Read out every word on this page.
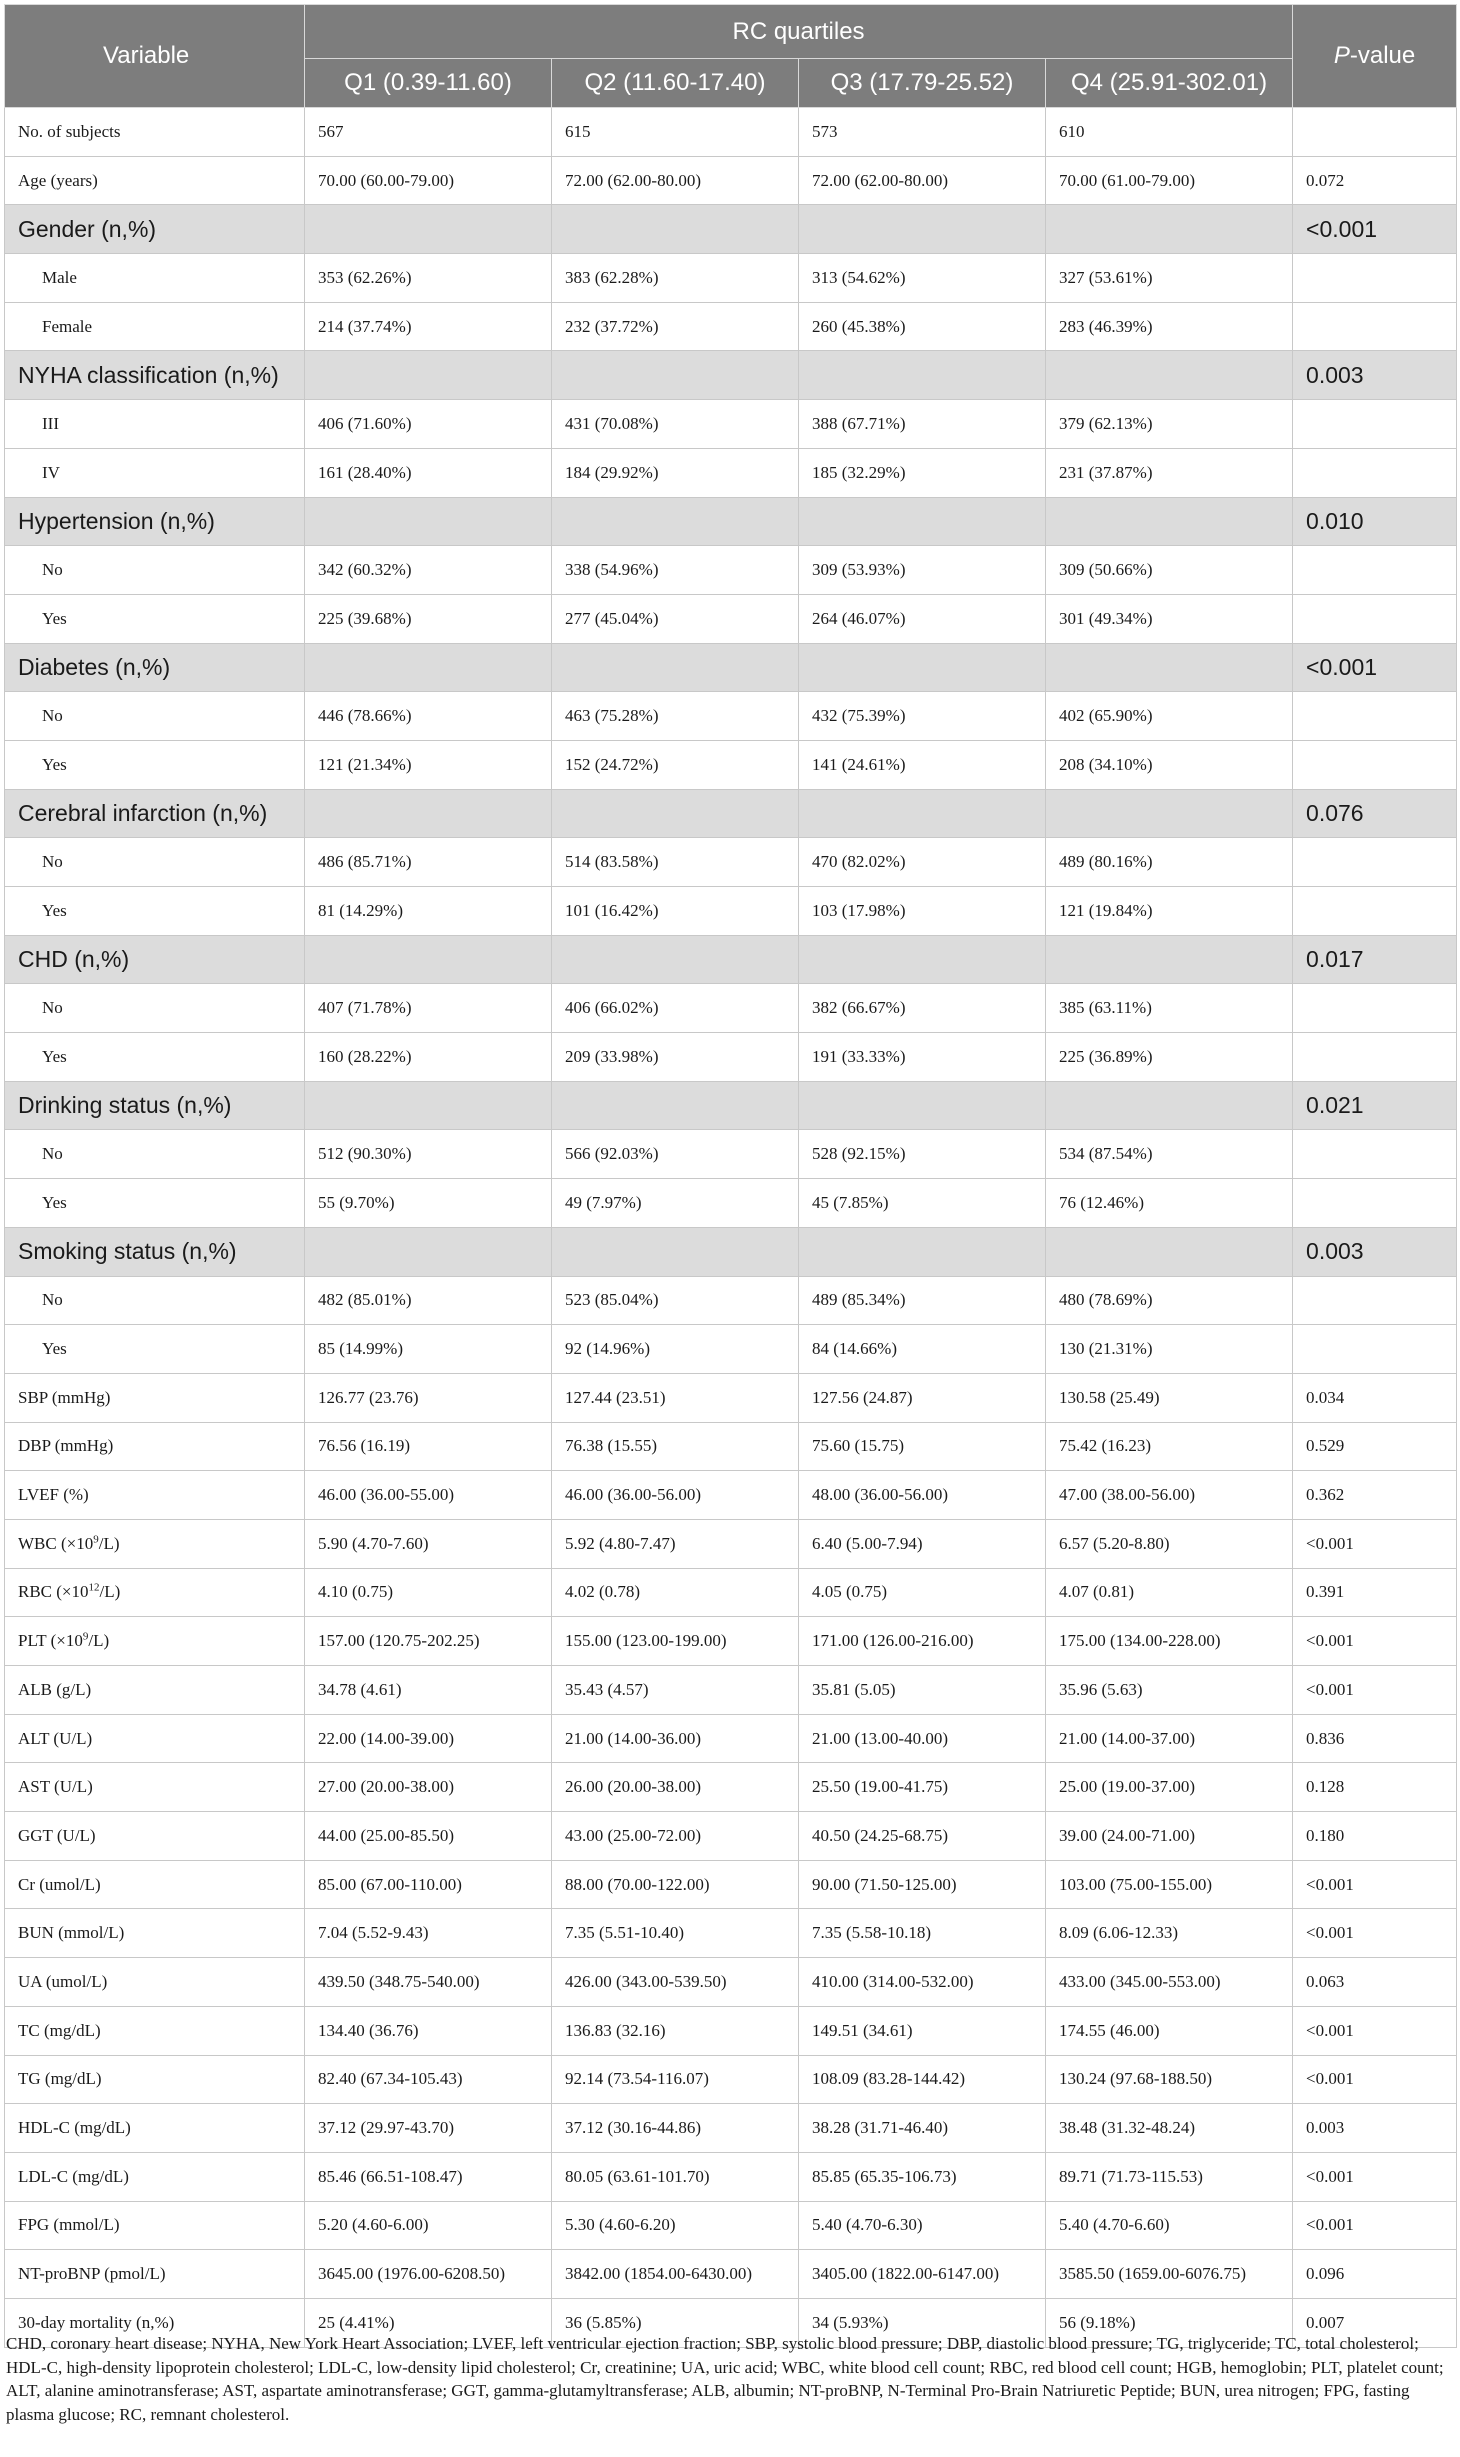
Variable	RC quartiles				P-value
	Q1 (0.39-11.60)	Q2 (11.60-17.40)	Q3 (17.79-25.52)	Q4 (25.91-302.01)	
No. of subjects	567	615	573	610	
Age (years)	70.00 (60.00-79.00)	72.00 (62.00-80.00)	72.00 (62.00-80.00)	70.00 (61.00-79.00)	0.072
Gender (n,%)					<0.001
Male	353 (62.26%)	383 (62.28%)	313 (54.62%)	327 (53.61%)	
Female	214 (37.74%)	232 (37.72%)	260 (45.38%)	283 (46.39%)	
NYHA classification (n,%)					0.003
III	406 (71.60%)	431 (70.08%)	388 (67.71%)	379 (62.13%)	
IV	161 (28.40%)	184 (29.92%)	185 (32.29%)	231 (37.87%)	
Hypertension (n,%)					0.010
No	342 (60.32%)	338 (54.96%)	309 (53.93%)	309 (50.66%)	
Yes	225 (39.68%)	277 (45.04%)	264 (46.07%)	301 (49.34%)	
Diabetes (n,%)					<0.001
No	446 (78.66%)	463 (75.28%)	432 (75.39%)	402 (65.90%)	
Yes	121 (21.34%)	152 (24.72%)	141 (24.61%)	208 (34.10%)	
Cerebral infarction (n,%)					0.076
No	486 (85.71%)	514 (83.58%)	470 (82.02%)	489 (80.16%)	
Yes	81 (14.29%)	101 (16.42%)	103 (17.98%)	121 (19.84%)	
CHD (n,%)					0.017
No	407 (71.78%)	406 (66.02%)	382 (66.67%)	385 (63.11%)	
Yes	160 (28.22%)	209 (33.98%)	191 (33.33%)	225 (36.89%)	
Drinking status (n,%)					0.021
No	512 (90.30%)	566 (92.03%)	528 (92.15%)	534 (87.54%)	
Yes	55 (9.70%)	49 (7.97%)	45 (7.85%)	76 (12.46%)	
Smoking status (n,%)					0.003
No	482 (85.01%)	523 (85.04%)	489 (85.34%)	480 (78.69%)	
Yes	85 (14.99%)	92 (14.96%)	84 (14.66%)	130 (21.31%)	
SBP (mmHg)	126.77 (23.76)	127.44 (23.51)	127.56 (24.87)	130.58 (25.49)	0.034
DBP (mmHg)	76.56 (16.19)	76.38 (15.55)	75.60 (15.75)	75.42 (16.23)	0.529
LVEF (%)	46.00 (36.00-55.00)	46.00 (36.00-56.00)	48.00 (36.00-56.00)	47.00 (38.00-56.00)	0.362
WBC $(\times 10^9/L)$	5.90 (4.70-7.60)	5.92 (4.80-7.47)	6.40 (5.00-7.94)	6.57 (5.20-8.80)	<0.001
RBC $(\times 10^{12}/L)$	4.10 (0.75)	4.02 (0.78)	4.05 (0.75)	4.07 (0.81)	0.391
PLT $(\times 10^9/L)$	157.00 (120.75-202.25)	155.00 (123.00-199.00)	171.00 (126.00-216.00)	175.00 (134.00-228.00)	<0.001
ALB (g/L)	34.78 (4.61)	35.43 (4.57)	35.81 (5.05)	35.96 (5.63)	<0.001
ALT (U/L)	22.00 (14.00-39.00)	21.00 (14.00-36.00)	21.00 (13.00-40.00)	21.00 (14.00-37.00)	0.836
AST (U/L)	27.00 (20.00-38.00)	26.00 (20.00-38.00)	25.50 (19.00-41.75)	25.00 (19.00-37.00)	0.128
GGT (U/L)	44.00 (25.00-85.50)	43.00 (25.00-72.00)	40.50 (24.25-68.75)	39.00 (24.00-71.00)	0.180
Cr (umol/L)	85.00 (67.00-110.00)	88.00 (70.00-122.00)	90.00 (71.50-125.00)	103.00 (75.00-155.00)	<0.001
BUN (mmol/L)	7.04 (5.52-9.43)	7.35 (5.51-10.40)	7.35 (5.58-10.18)	8.09 (6.06-12.33)	<0.001
UA (umol/L)	439.50 (348.75-540.00)	426.00 (343.00-539.50)	410.00 (314.00-532.00)	433.00 (345.00-553.00)	0.063
TC (mg/dL)	134.40 (36.76)	136.83 (32.16)	149.51 (34.61)	174.55 (46.00)	<0.001
TG (mg/dL)	82.40 (67.34-105.43)	92.14 (73.54-116.07)	108.09 (83.28-144.42)	130.24 (97.68-188.50)	<0.001
HDL-C (mg/dL)	37.12 (29.97-43.70)	37.12 (30.16-44.86)	38.28 (31.71-46.40)	38.48 (31.32-48.24)	0.003
LDL-C (mg/dL)	85.46 (66.51-108.47)	80.05 (63.61-101.70)	85.85 (65.35-106.73)	89.71 (71.73-115.53)	<0.001
FPG (mmol/L)	5.20 (4.60-6.00)	5.30 (4.60-6.20)	5.40 (4.70-6.30)	5.40 (4.70-6.60)	<0.001
NT-proBNP (pmol/L)	3645.00 (1976.00-6208.50)	3842.00 (1854.00-6430.00)	3405.00 (1822.00-6147.00)	3585.50 (1659.00-6076.75)	0.096
30-day mortality (n,%)	25 (4.41%)	36 (5.85%)	34 (5.93%)	56 (9.18%)	0.007
CHD, coronary heart disease; NYHA, New York Heart Association; LVEF, left ventricular ejection fraction; SBP, systolic blood pressure; DBP, diastolic blood pressure; TG, triglyceride; TC, total cholesterol; HDL-C, high-density lipoprotein cholesterol; LDL-C, low-density lipid cholesterol; Cr, creatinine; UA, uric acid; WBC, white blood cell count; RBC, red blood cell count; HGB, hemoglobin; PLT, platelet count; ALT, alanine aminotransferase; AST, aspartate aminotransferase; GGT, gamma-glutamyltransferase; ALB, albumin; NT-proBNP, N-Terminal Pro-Brain Natriuretic Peptide; BUN, urea nitrogen; FPG, fasting plasma glucose; RC, remnant cholesterol.
